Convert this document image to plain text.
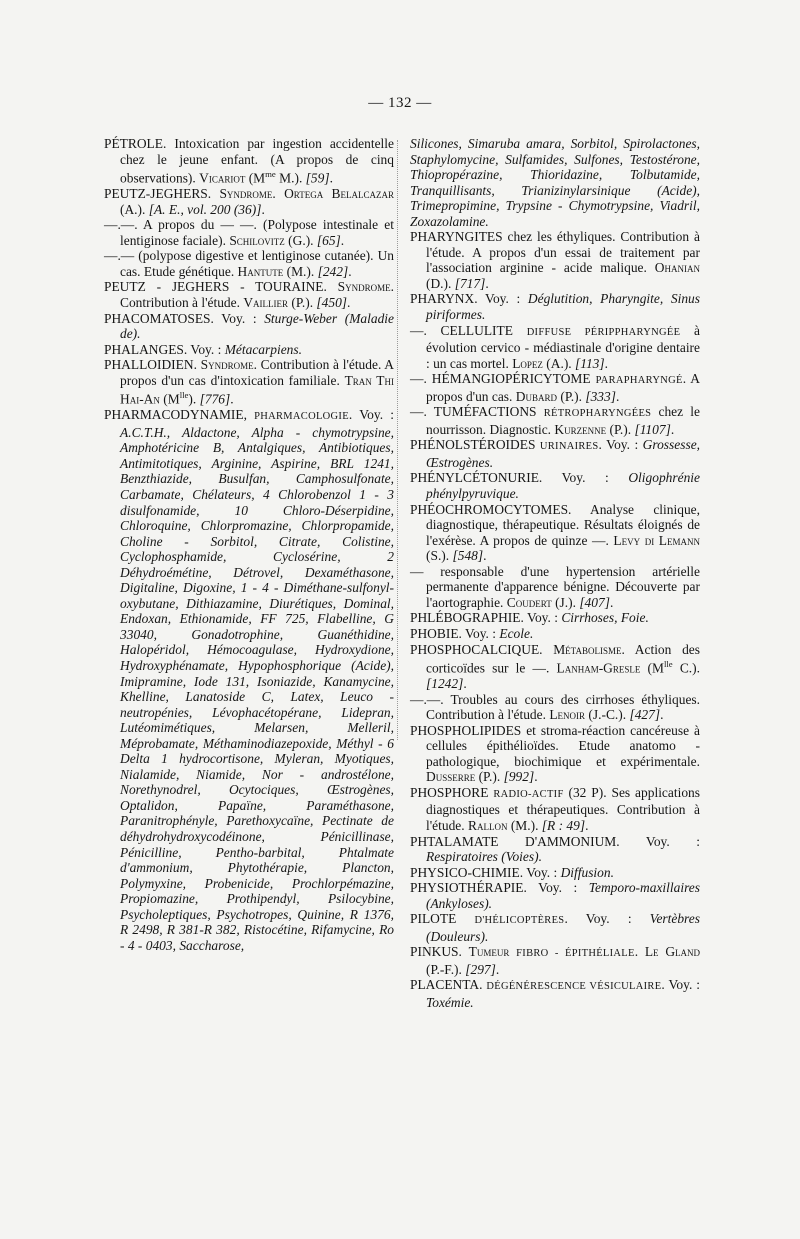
— 132 —

PÉTROLE. Intoxication par ingestion accidentelle chez le jeune enfant. (A propos de cinq observations). Vicariot ($M^{me}$ M.). [59].

PEUTZ-JEGHERS. Syndrome. Ortega Belalcazar (A.). [A. E., vol. 200 (36)].

—.—. A propos du — —. (Polypose intestinale et lentiginose faciale). Schilovitz (G.). [65].

—.— (polypose digestive et lentiginose cutanée). Un cas. Etude génétique. Hantute (M.). [242].

PEUTZ - JEGHERS - TOURAINE. Syndrome. Contribution à l'étude. Vaillier (P.). [450].

PHACOMATOSES. Voy. : Sturge-Weber (Maladie de).

PHALANGES. Voy. : Métacarpiens.

PHALLOIDIEN. Syndrome. Contribution à l'étude. A propos d'un cas d'intoxication familiale. Tran Thi Hai-An $(M^{lle})$. [776].

PHARMACODYNAMIE, PHARMACOLOGIE. Voy. : A.C.T.H., Aldactone, Alpha - chymotrypsine, Amphotéricine B, Antalgiques, Antibiotiques, Antimitotiques, Arginine, Aspirine, BRL 1241, Benzthiazide, Busulfan, Camphosulfonate, Carbamate, Chélateurs, 4 Chlorobenzol 1 - 3 disulfonamide, 10 Chloro-Déserpidine, Chloroquine, Chlorpromazine, Chlorpropamide, Choline - Sorbitol, Citrate, Colistine, Cyclophosphamide, Cyclosérine, 2 Déhydroémétine, Détrovel, Dexaméthasone, Digitaline, Digoxine, 1 - 4 - Diméthane-sulfonyl-oxybutane, Dithiazamine, Diurétiques, Dominal, Endoxan, Ethionamide, FF 725, Flabelline, G 33040, Gonadotrophine, Guanéthidine, Halopéridol, Hémocoagulase, Hydroxydione, Hydroxyphénamate, Hypophosphorique (Acide), Imipramine, Iode 131, Isoniazide, Kanamycine, Khelline, Lanatoside C, Latex, Leuco - neutropénies, Lévophacétopérane, Lidepran, Lutéomimétiques, Melarsen, Melleril, Méprobamate, Méthaminodiazepoxide, Méthyl - 6 Delta 1 hydrocortisone, Myleran, Myotiques, Nialamide, Niamide, Nor - androstélone, Norethynodrel, Ocytociques, Œstrogènes, Optalidon, Papaïne, Paraméthasone, Paranitrophényle, Parethoxycaïne, Pectinate de déhydrohydroxycodéinone, Pénicillinase, Pénicilline, Penthо-barbital, Phtalmate d'ammonium, Phytothérapie, Plancton, Polymyxine, Probenicide, Prochlorpémazine, Propiomazine, Prothipendyl, Psilocybine, Psycholeptiques, Psychotropes, Quinine, R 1376, R 2498, R 381-R 382, Ristocétine, Rifamycine, Ro - 4 - 0403, Saccharose,

Silicones, Simaruba amara, Sorbitol, Spirolactones, Staphylomycine, Sulfamides, Sulfones, Testostérone, Thiopropérazine, Thioridazine, Tolbutamide, Tranquillisants, Trianizinylarsinique (Acide), Trimepropimine, Trypsine - Chymotrypsine, Viadril, Zoxazolamine.

PHARYNGITES chez les éthyliques. Contribution à l'étude. A propos d'un essai de traitement par l'association arginine - acide malique. Ohanian (D.). [717].

PHARYNX. Voy. : Déglutition, Pharyngite, Sinus piriformes.

—. CELLULITE DIFFUSE PÉRIPPHARYNGÉE à évolution cervico - médiastinale d'origine dentaire : un cas mortel. Lopez (A.). [113].

—. HÉMANGIOPÉRICYTOME PARAPHARYNGÉ. A propos d'un cas. Dubard (P.). [333].

—. TUMÉFACTIONS RÉTROPHARYNGÉES chez le nourrisson. Diagnostic. Kurzenne (P.). [1107].

PHÉNOLSTÉROIDES URINAIRES. Voy. : Grossesse, Œstrogènes.

PHÉNYLCÉTONURIE. Voy. : Oligophrénie phénylpyruvique.

PHÉOCHROMOCYTOMES. Analyse clinique, diagnostique, thérapeutique. Résultats éloignés de l'exérèse. A propos de quinze —. Levy di Lemann (S.). [548].

— responsable d'une hypertension artérielle permanente d'apparence bénigne. Découverte par l'aortographie. Coudert (J.). [407].

PHLÉBOGRAPHIE. Voy. : Cirrhoses, Foie.

PHOBIE. Voy. : Ecole.

PHOSPHOCALCIQUE. Métabolisme. Action des corticoïdes sur le —. Lanham-Gresle ($M^{lle}$ C.). [1242].

—.—. Troubles au cours des cirrhoses éthyliques. Contribution à l'étude. Lenoir (J.-C.). [427].

PHOSPHOLIPIDES et stroma-réaction cancéreuse à cellules épithélioïdes. Etude anatomo - pathologique, biochimique et expérimentale. Dusserre (P.). [992].

PHOSPHORE RADIO-ACTIF (32 P). Ses applications diagnostiques et thérapeutiques. Contribution à l'étude. Rallon (M.). [R : 49].

PHTALAMATE D'AMMONIUM. Voy. : Respiratoires (Voies).

PHYSICO-CHIMIE. Voy. : Diffusion.

PHYSIOTHÉRAPIE. Voy. : Temporo-maxillaires (Ankyloses).

PILOTE D'HÉLICOPTÈRES. Voy. : Vertèbres (Douleurs).

PINKUS. Tumeur FIBRO - ÉPITHÉLIALE. Le Gland (P.-F.). [297].

PLACENTA. DÉGÉNÉRESCENCE VÉSICULAIRE. Voy. : Toxémie.
